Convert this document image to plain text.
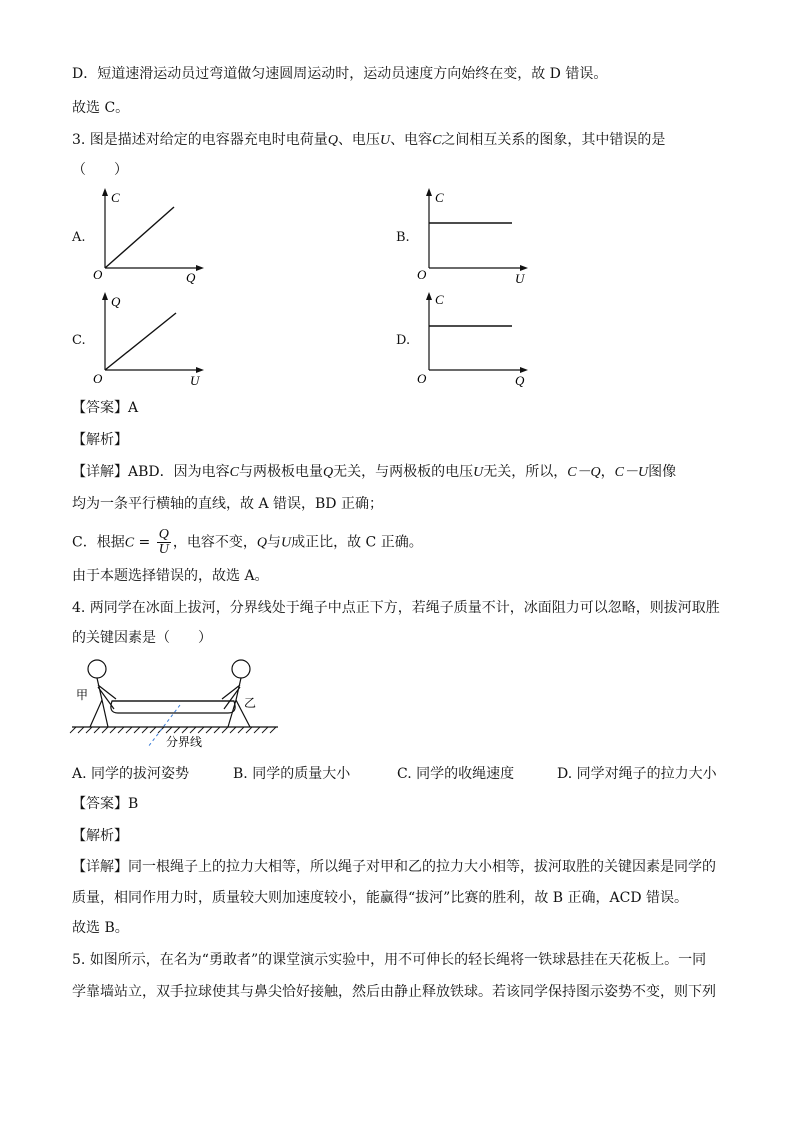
D．短道速滑运动员过弯道做匀速圆周运动时，运动员速度方向始终在变，故 D 错误。
故选 C。
3. 图是描述对给定的电容器充电时电荷量Q、电压U、电容C之间相互关系的图象，其中错误的是
（　　）
A.
C
O	Q
B.
C
O	U
C.
Q
O	U
D.
C
O	Q
【答案】A
【解析】
【详解】ABD．因为电容C与两极板电量Q无关，与两极板的电压U无关，所以，C－Q，C－U图像
均为一条平行横轴的直线，故 A 错误，BD 正确；
C．根据$C = \frac{Q}{U}$ ，电容不变，Q与U成正比，故 C 正确。
由于本题选择错误的，故选 A。
4. 两同学在冰面上拔河，分界线处于绳子中点正下方，若绳子质量不计，冰面阻力可以忽略，则拔河取胜
的关键因素是（　　）
甲
乙
分界线
A. 同学的拔河姿势	B. 同学的质量大小	C. 同学的收绳速度	D. 同学对绳子的拉力大小
【答案】B
【解析】
【详解】同一根绳子上的拉力大相等，所以绳子对甲和乙的拉力大小相等，拔河取胜的关键因素是同学的
质量，相同作用力时，质量较大则加速度较小，能赢得“拔河”比赛的胜利，故 B 正确，ACD 错误。
故选 B。
5. 如图所示，在名为“勇敢者”的课堂演示实验中，用不可伸长的轻长绳将一铁球悬挂在天花板上。一同
学靠墙站立，双手拉球使其与鼻尖恰好接触，然后由静止释放铁球。若该同学保持图示姿势不变，则下列
